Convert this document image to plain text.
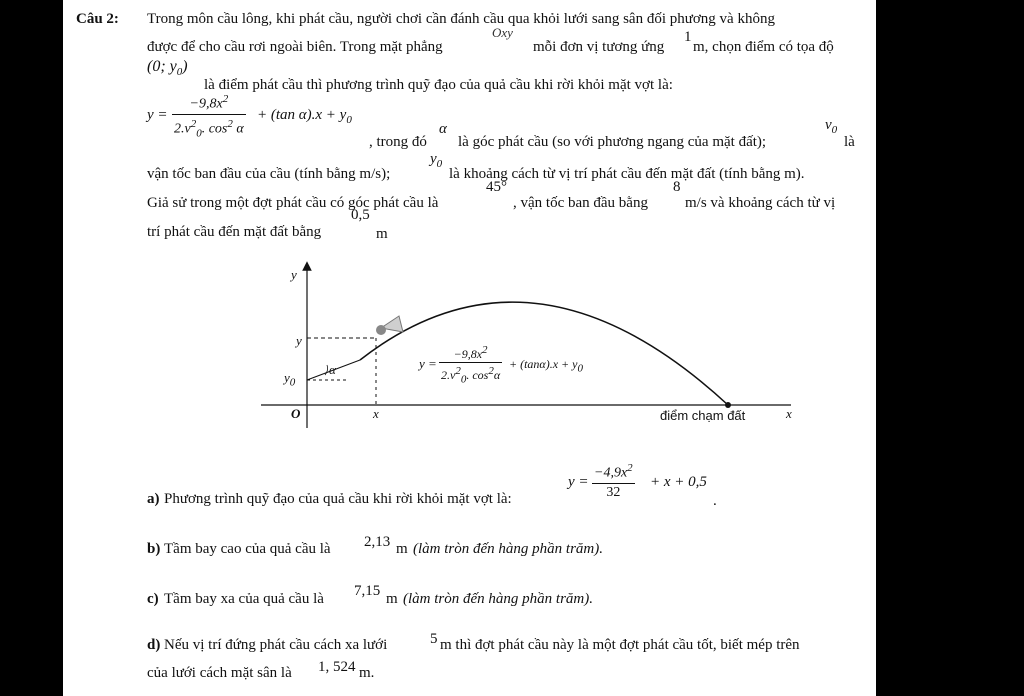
Câu 2: Trong môn cầu lông, khi phát cầu, người chơi cần đánh cầu qua khỏi lưới sang sân đối phương và không
được để cho cầu rơi ngoài biên. Trong mặt phẳng
Oxy
mỗi đơn vị tương ứng
1
m, chọn điểm có tọa độ
(0; $y_0$)
là điểm phát cầu thì phương trình quỹ đạo của quả cầu khi rời khỏi mặt vợt là:
y =
$-9,8x^2$
$2.v^2_0$. $\cos^2 \alpha$
+ (tan $\alpha).x + y_0$
, trong đó
α
là góc phát cầu (so với phương ngang của mặt đất);
$v_0$
là
vận tốc ban đầu của cầu (tính bằng m/s);
$y_0$
là khoảng cách từ vị trí phát cầu đến mặt đất (tính bằng m).
Giả sử trong một đợt phát cầu có góc phát cầu là
45°
, vận tốc ban đầu bằng
8
m/s và khoảng cách từ vị
trí phát cầu đến mặt đất bằng
0,5
m
y
y
$y_0$
α
O	x	x
điểm chạm đất
y =
$-9,8x^2$
$2.v^2_0$. $\cos^2\alpha$
+ $(\tan\alpha).x + y_0$
a) Phương trình quỹ đạo của quả cầu khi rời khỏi mặt vợt là:
y =
$-4,9x^2$
32
+ x + 0,5
.
b) Tầm bay cao của quả cầu là 2,13 m (làm tròn đến hàng phần trăm).
c) Tầm bay xa của quả cầu là 7,15 m (làm tròn đến hàng phần trăm).
d) Nếu vị trí đứng phát cầu cách xa lưới	5 m thì đợt phát cầu này là một đợt phát cầu tốt, biết mép trên
của lưới cách mặt sân là 1, 524 m.
